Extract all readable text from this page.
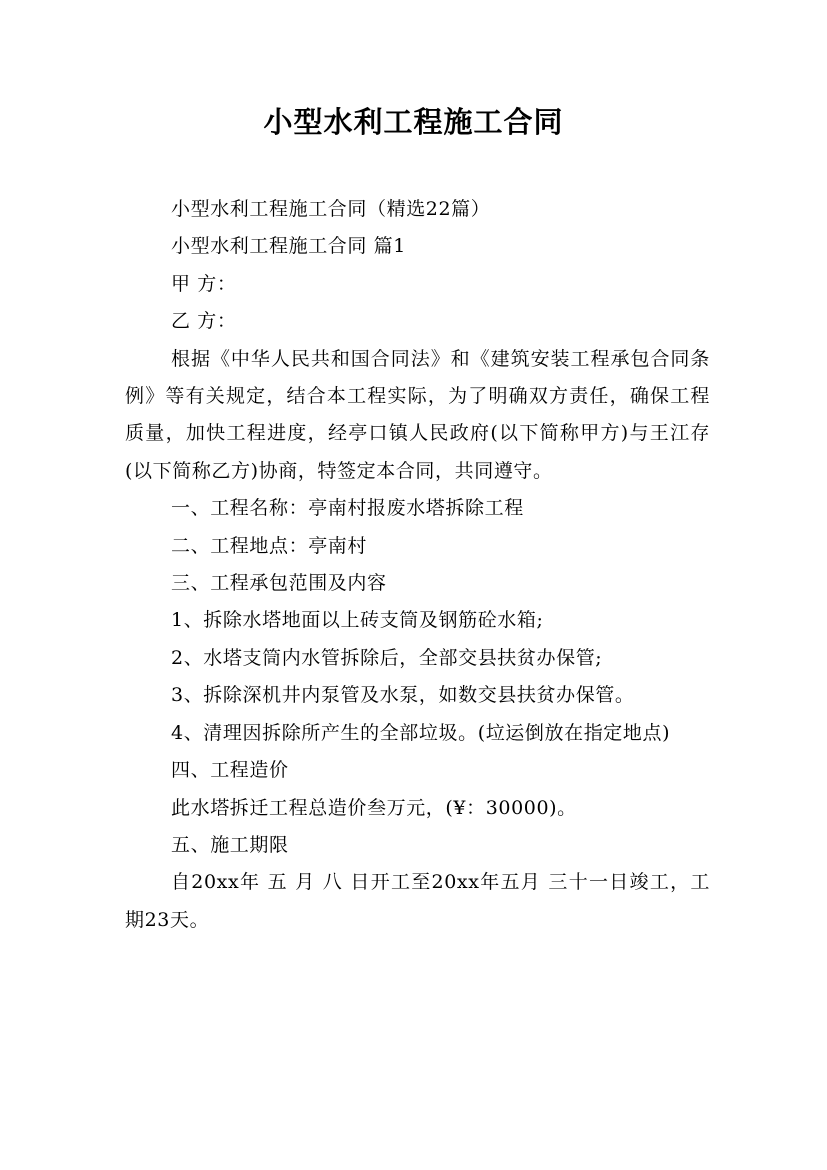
小型水利工程施工合同

小型水利工程施工合同（精选22篇）

小型水利工程施工合同 篇1

甲 方：

乙 方：

根据《中华人民共和国合同法》和《建筑安装工程承包合同条例》等有关规定，结合本工程实际，为了明确双方责任，确保工程质量，加快工程进度，经亭口镇人民政府(以下简称甲方)与王江存(以下简称乙方)协商，特签定本合同，共同遵守。

一、工程名称：亭南村报废水塔拆除工程

二、工程地点：亭南村

三、工程承包范围及内容

1、拆除水塔地面以上砖支筒及钢筋砼水箱;

2、水塔支筒内水管拆除后，全部交县扶贫办保管;

3、拆除深机井内泵管及水泵，如数交县扶贫办保管。

4、清理因拆除所产生的全部垃圾。(垃运倒放在指定地点)

四、工程造价

此水塔拆迁工程总造价叁万元，(¥：30000)。

五、施工期限

自20xx年 五 月 八 日开工至20xx年五月 三十一日竣工，工期23天。
